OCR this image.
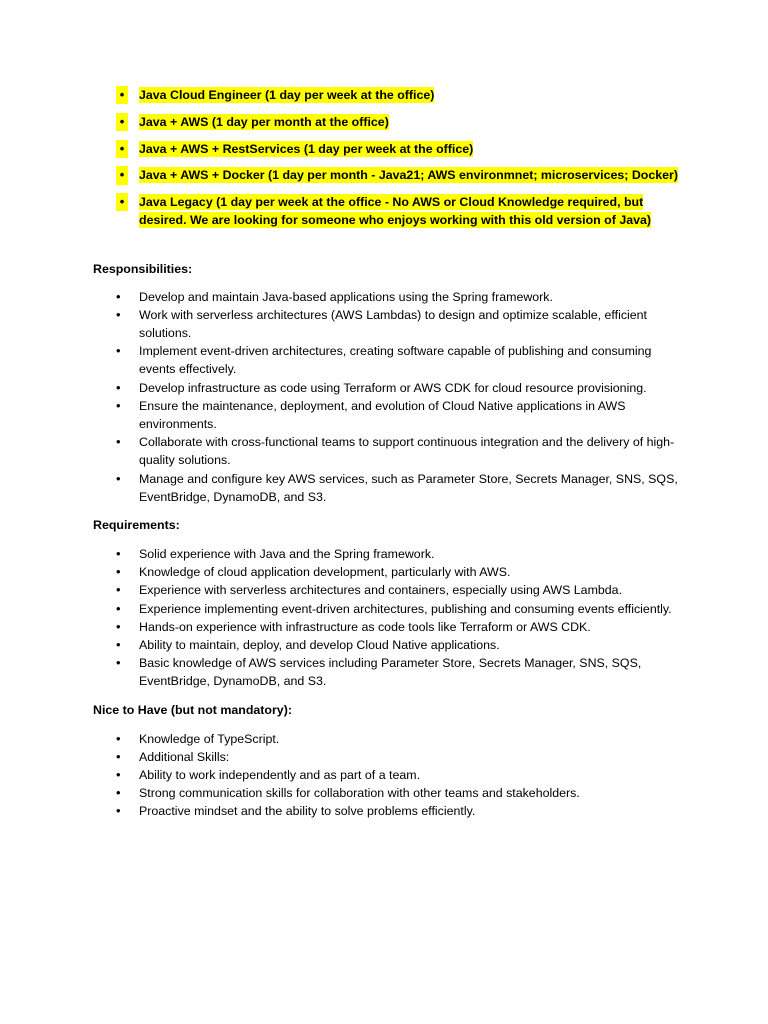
• Java Cloud Engineer (1 day per week at the office)
• Java + AWS (1 day per month at the office)
• Java + AWS + RestServices (1 day per week at the office)
• Java + AWS + Docker (1 day per month - Java21; AWS environmnet; microservices; Docker)
• Java Legacy (1 day per week at the office - No AWS or Cloud Knowledge required, but desired. We are looking for someone who enjoys working with this old version of Java)

Responsibilities:

•	Develop and maintain Java-based applications using the Spring framework.
•	Work with serverless architectures (AWS Lambdas) to design and optimize scalable, efficient solutions.
•	Implement event-driven architectures, creating software capable of publishing and consuming events effectively.
•	Develop infrastructure as code using Terraform or AWS CDK for cloud resource provisioning.
•	Ensure the maintenance, deployment, and evolution of Cloud Native applications in AWS environments.
•	Collaborate with cross-functional teams to support continuous integration and the delivery of high-quality solutions.
•	Manage and configure key AWS services, such as Parameter Store, Secrets Manager, SNS, SQS, EventBridge, DynamoDB, and S3.

Requirements:

•	Solid experience with Java and the Spring framework.
•	Knowledge of cloud application development, particularly with AWS.
•	Experience with serverless architectures and containers, especially using AWS Lambda.
•	Experience implementing event-driven architectures, publishing and consuming events efficiently.
•	Hands-on experience with infrastructure as code tools like Terraform or AWS CDK.
•	Ability to maintain, deploy, and develop Cloud Native applications.
•	Basic knowledge of AWS services including Parameter Store, Secrets Manager, SNS, SQS, EventBridge, DynamoDB, and S3.

Nice to Have (but not mandatory):

•	Knowledge of TypeScript.
•	Additional Skills:
•	Ability to work independently and as part of a team.
•	Strong communication skills for collaboration with other teams and stakeholders.
•	Proactive mindset and the ability to solve problems efficiently.
